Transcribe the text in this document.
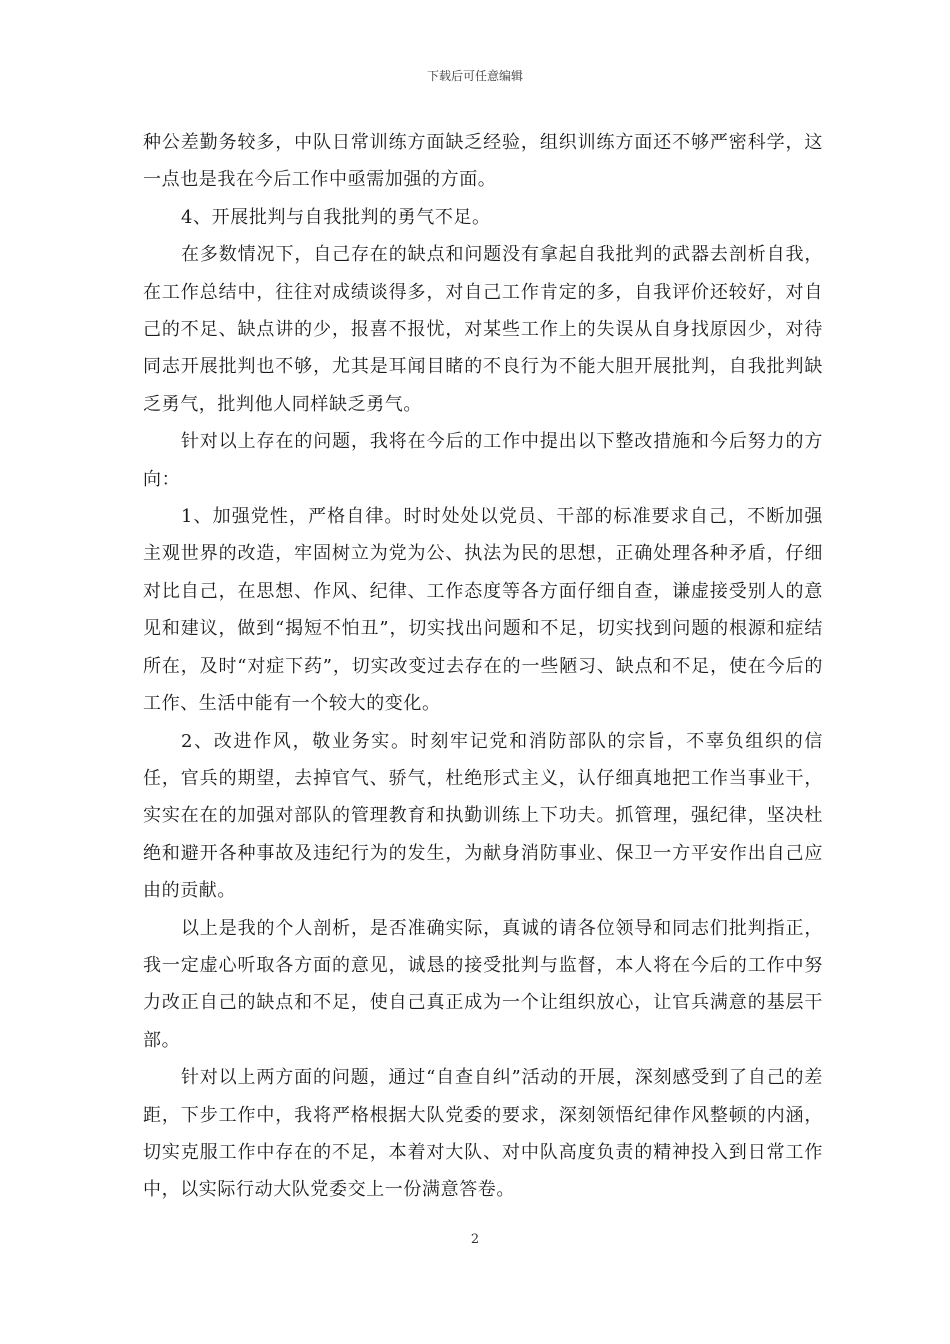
下载后可任意编辑

种公差勤务较多，中队日常训练方面缺乏经验，组织训练方面还不够严密科学，这一点也是我在今后工作中亟需加强的方面。

4、开展批判与自我批判的勇气不足。

在多数情况下，自己存在的缺点和问题没有拿起自我批判的武器去剖析自我，在工作总结中，往往对成绩谈得多，对自己工作肯定的多，自我评价还较好，对自己的不足、缺点讲的少，报喜不报忧，对某些工作上的失误从自身找原因少，对待同志开展批判也不够，尤其是耳闻目睹的不良行为不能大胆开展批判，自我批判缺乏勇气，批判他人同样缺乏勇气。

针对以上存在的问题，我将在今后的工作中提出以下整改措施和今后努力的方向：

1、加强党性，严格自律。时时处处以党员、干部的标准要求自己，不断加强主观世界的改造，牢固树立为党为公、执法为民的思想，正确处理各种矛盾，仔细对比自己，在思想、作风、纪律、工作态度等各方面仔细自查，谦虚接受别人的意见和建议，做到“揭短不怕丑”，切实找出问题和不足，切实找到问题的根源和症结所在，及时“对症下药”，切实改变过去存在的一些陋习、缺点和不足，使在今后的工作、生活中能有一个较大的变化。

2、改进作风，敬业务实。时刻牢记党和消防部队的宗旨，不辜负组织的信任，官兵的期望，去掉官气、骄气，杜绝形式主义，认仔细真地把工作当事业干，实实在在的加强对部队的管理教育和执勤训练上下功夫。抓管理，强纪律，坚决杜绝和避开各种事故及违纪行为的发生，为献身消防事业、保卫一方平安作出自己应由的贡献。

以上是我的个人剖析，是否准确实际，真诚的请各位领导和同志们批判指正，我一定虚心听取各方面的意见，诚恳的接受批判与监督，本人将在今后的工作中努力改正自己的缺点和不足，使自己真正成为一个让组织放心，让官兵满意的基层干部。

针对以上两方面的问题，通过“自查自纠”活动的开展，深刻感受到了自己的差距，下步工作中，我将严格根据大队党委的要求，深刻领悟纪律作风整顿的内涵，切实克服工作中存在的不足，本着对大队、对中队高度负责的精神投入到日常工作中，以实际行动大队党委交上一份满意答卷。

2
